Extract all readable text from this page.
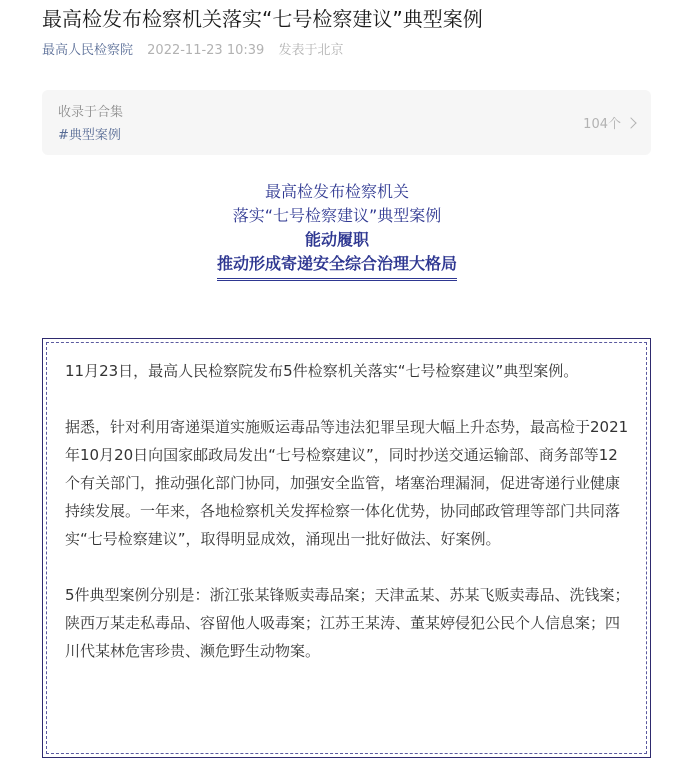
最高检发布检察机关落实“七号检察建议”典型案例
最高人民检察院 2022-11-23 10:39 发表于北京
收录于合集
#典型案例
104个
最高检发布检察机关
落实“七号检察建议”典型案例
能动履职
推动形成寄递安全综合治理大格局

11月23日，最高人民检察院发布5件检察机关落实“七号检察建议”典型案例。

据悉，针对利用寄递渠道实施贩运毒品等违法犯罪呈现大幅上升态势，最高检于2021年10月20日向国家邮政局发出“七号检察建议”，同时抄送交通运输部、商务部等12个有关部门，推动强化部门协同，加强安全监管，堵塞治理漏洞，促进寄递行业健康持续发展。一年来，各地检察机关发挥检察一体化优势，协同邮政管理等部门共同落实“七号检察建议”，取得明显成效，涌现出一批好做法、好案例。

5件典型案例分别是：浙江张某锋贩卖毒品案；天津孟某、苏某飞贩卖毒品、洗钱案；陕西万某走私毒品、容留他人吸毒案；江苏王某涛、董某婷侵犯公民个人信息案；四川代某林危害珍贵、濒危野生动物案。
